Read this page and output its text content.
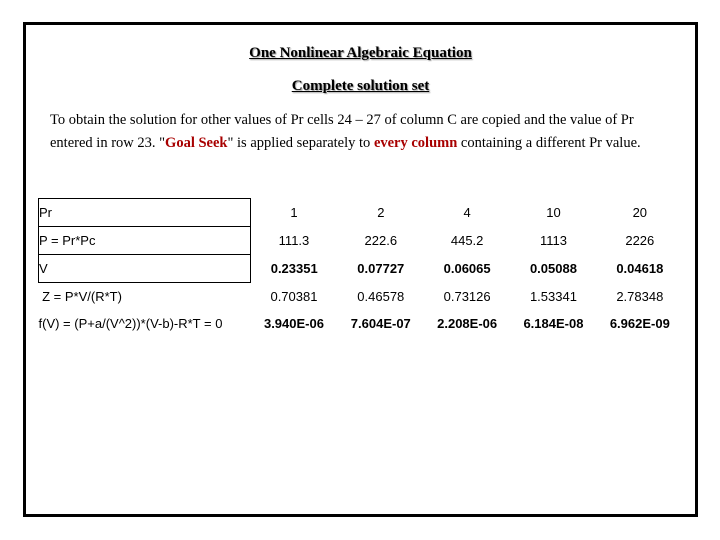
One Nonlinear Algebraic Equation
Complete solution set
To obtain the solution for other values of Pr cells 24 – 27 of column C are copied and the value of Pr entered in row 23. "Goal Seek" is applied separately to every column containing a different Pr value.
Pr	1	2	4	10	20
P = Pr*Pc	111.3	222.6	445.2	1113	2226
V	0.23351	0.07727	0.06065	0.05088	0.04618
Z = P*V/(R*T)	0.70381	0.46578	0.73126	1.53341	2.78348
f(V) = (P+a/(V^2))*(V-b)-R*T = 0	3.940E-06	7.604E-07	2.208E-06	6.184E-08	6.962E-09
